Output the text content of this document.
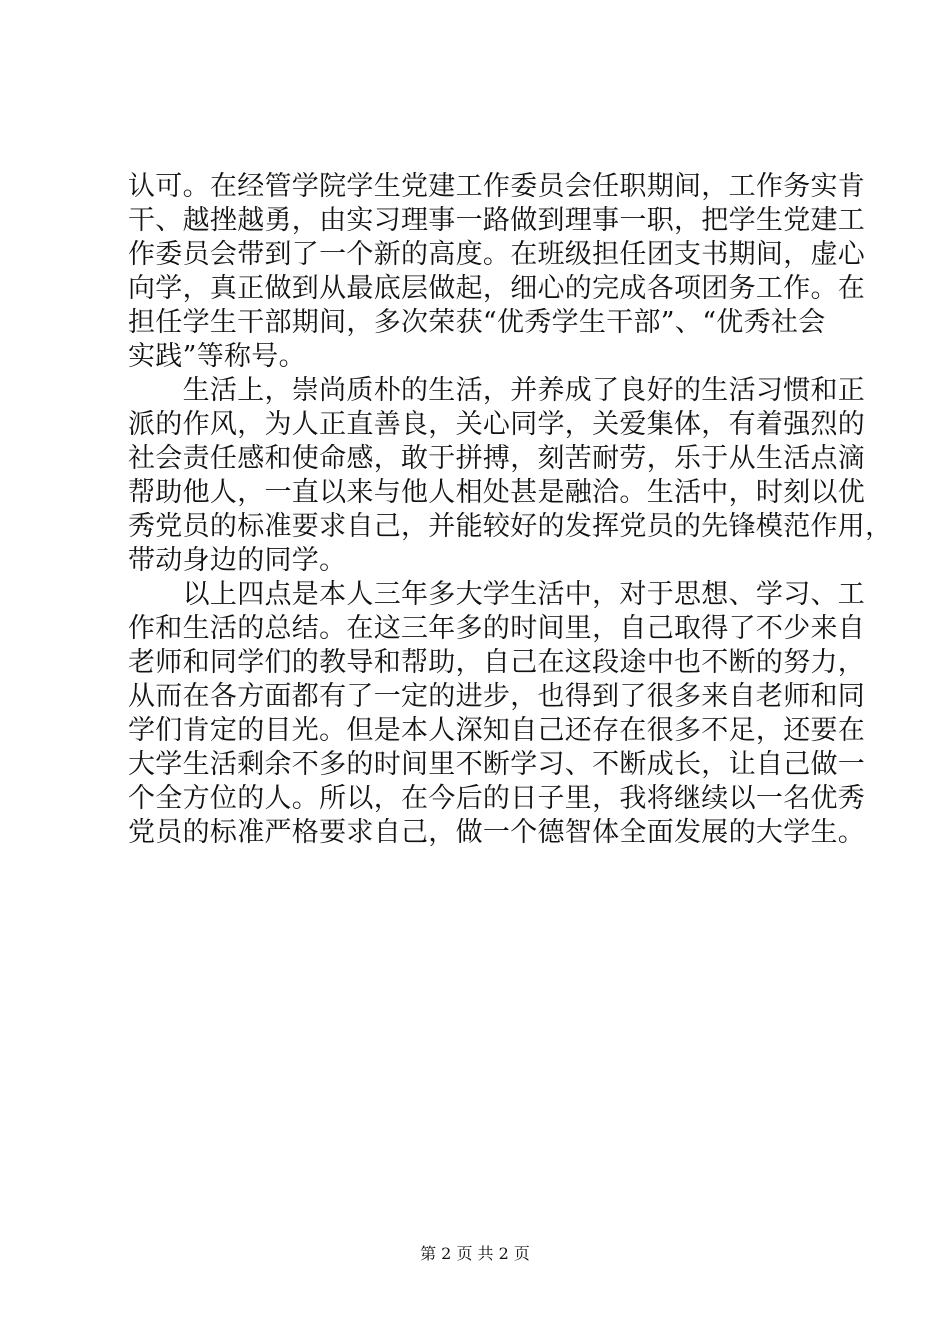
认可。在经管学院学生党建工作委员会任职期间，工作务实肯
干、越挫越勇，由实习理事一路做到理事一职，把学生党建工
作委员会带到了一个新的高度。在班级担任团支书期间，虚心
向学，真正做到从最底层做起，细心的完成各项团务工作。在
担任学生干部期间，多次荣获“优秀学生干部”、“优秀社会
实践”等称号。
　　生活上，崇尚质朴的生活，并养成了良好的生活习惯和正
派的作风，为人正直善良，关心同学，关爱集体，有着强烈的
社会责任感和使命感，敢于拼搏，刻苦耐劳，乐于从生活点滴
帮助他人，一直以来与他人相处甚是融洽。生活中，时刻以优
秀党员的标准要求自己，并能较好的发挥党员的先锋模范作用，
带动身边的同学。
　　以上四点是本人三年多大学生活中，对于思想、学习、工
作和生活的总结。在这三年多的时间里，自己取得了不少来自
老师和同学们的教导和帮助，自己在这段途中也不断的努力，
从而在各方面都有了一定的进步，也得到了很多来自老师和同
学们肯定的目光。但是本人深知自己还存在很多不足，还要在
大学生活剩余不多的时间里不断学习、不断成长，让自己做一
个全方位的人。所以，在今后的日子里，我将继续以一名优秀
党员的标准严格要求自己，做一个德智体全面发展的大学生。
第 2 页 共 2 页
